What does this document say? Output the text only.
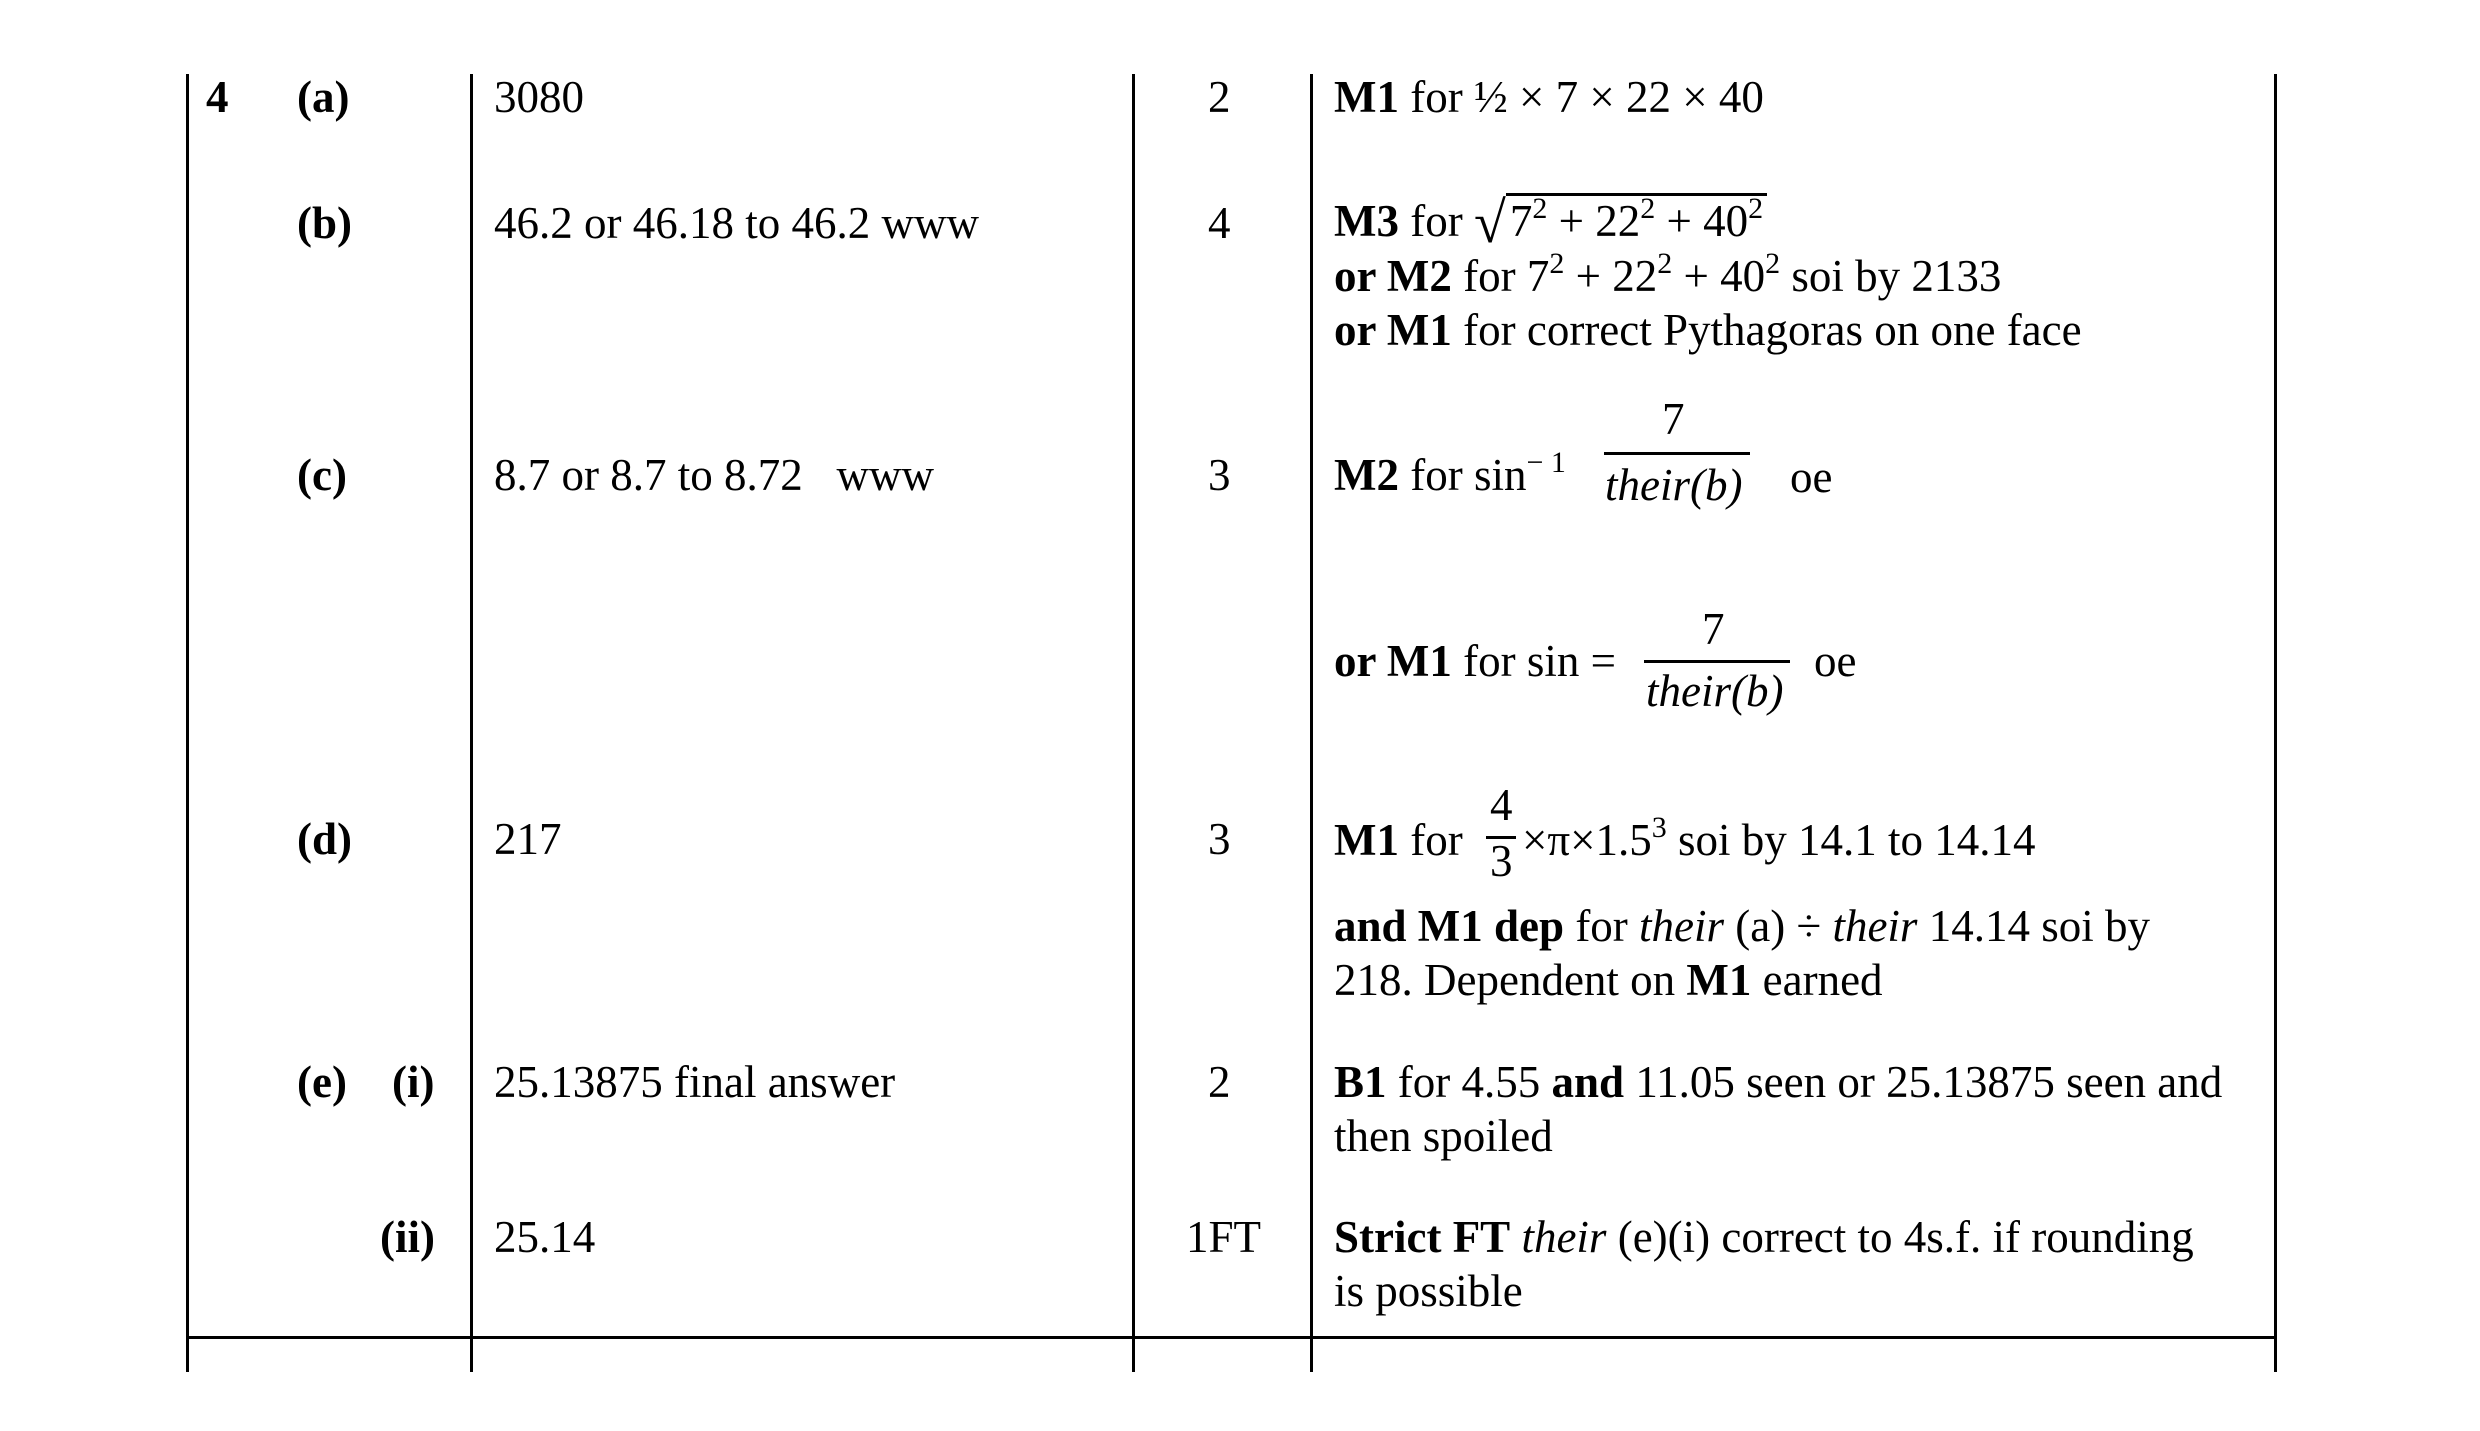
4 (a)	3080	2 M1 for ½ × 7 × 22 × 40
(b)	46.2 or 46.18 to 46.2 www	4 M3 for $√7^2 + 22^2 + 40^2$
or M2 for $7^2 + 22^2 + 40^2$ soi by 2133
or M1 for correct Pythagoras on one face
(c)	8.7 or 8.7 to 8.72   www	3 M2 for $\sin^{- 1}$
7
their(b) oe
or M1 for sin =
7
their(b)
oe
(d)	217	3 M1 for
4
$3 \times\pi\times 1.5^3$ soi by 14.1 to 14.14
and M1 dep for their (a) ÷ their 14.14 soi by
218. Dependent on M1 earned
(e) (i) 25.13875 final answer	2 B1 for 4.55 and 11.05 seen or 25.13875 seen and
then spoiled
(ii) 25.14	1FT Strict FT their (e)(i) correct to 4s.f. if rounding
is possible
